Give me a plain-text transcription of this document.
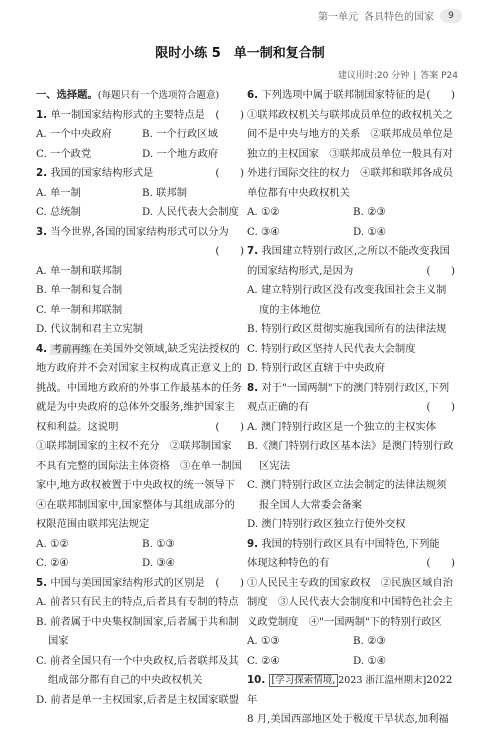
第一单元 各具特色的国家	9
限时小练 5　单一制和复合制
建议用时:20 分钟 | 答案 P24
一、选择题。(每题只有一个选项符合题意)
1. 单一制国家结构形式的主要特点是 (　　)
A. 一个中央政府	B. 一个行政区域
C. 一个政党	D. 一个地方政府
2. 我国的国家结构形式是	(　　)
A. 单一制	B. 联邦制
C. 总统制	D. 人民代表大会制度
3. 当今世界,各国的国家结构形式可以分为
(　　)
A. 单一制和联邦制
B. 单一制和复合制
C. 单一制和邦联制
D. 代议制和君主立宪制
4. 考前再练 在美国外交领域,缺乏宪法授权的
地方政府并不会对国家主权构成真正意义上的
挑战。中国地方政府的外事工作最基本的任务
就是为中央政府的总体外交服务,维护国家主
权和利益。这说明	(　　)
①联邦制国家的主权不充分　②联邦制国家
不具有完整的国际法主体资格　③在单一制国
家中,地方政权被置于中央政权的统一领导下
④在联邦制国家中,国家整体与其组成部分的
权限范围由联邦宪法规定
A. ①②	B. ①③
C. ②④	D. ③④
5. 中国与美国国家结构形式的区别是 (　　)
A. 前者只有民主的特点,后者具有专制的特点
B. 前者属于中央集权制国家,后者属于共和制
国家
C. 前者全国只有一个中央政权,后者联邦及其
组成部分都有自己的中央政权机关
D. 前者是单一主权国家,后者是主权国家联盟
6. 下列选项中属于联邦制国家特征的是 (　　)
①联邦政权机关与联邦成员单位的政权机关之
间不是中央与地方的关系　②联邦成员单位是
独立的主权国家　③联邦成员单位一般具有对
外进行国际交往的权力　④联邦和联邦各成员
单位都有中央政权机关
A. ①②	B. ②③
C. ③④	D. ①④
7. 我国建立特别行政区,之所以不能改变我国
的国家结构形式,是因为	(　　)
A. 建立特别行政区没有改变我国社会主义制
度的主体地位
B. 特别行政区贯彻实施我国所有的法律法规
C. 特别行政区坚持人民代表大会制度
D. 特别行政区直辖于中央政府
8. 对于"一国两制"下的澳门特别行政区,下列
观点正确的有	(　　)
A. 澳门特别行政区是一个独立的主权实体
B.《澳门特别行政区基本法》是澳门特别行政
区宪法
C. 澳门特别行政区立法会制定的法律法规须
报全国人大常委会备案
D. 澳门特别行政区独立行使外交权
9. 我国的特别行政区具有中国特色,下列能
体现这种特色的有	(　　)
①人民民主专政的国家政权　②民族区域自治
制度　③人民代表大会制度和中国特色社会主
义政党制度　④"一国两制"下的特别行政区
A. ①③	B. ②③
C. ②④	D. ①④
10. [学习探索情境, 2023 浙江温州期末]2022 年
8 月,美国西部地区处于极度干旱状态,加利福
